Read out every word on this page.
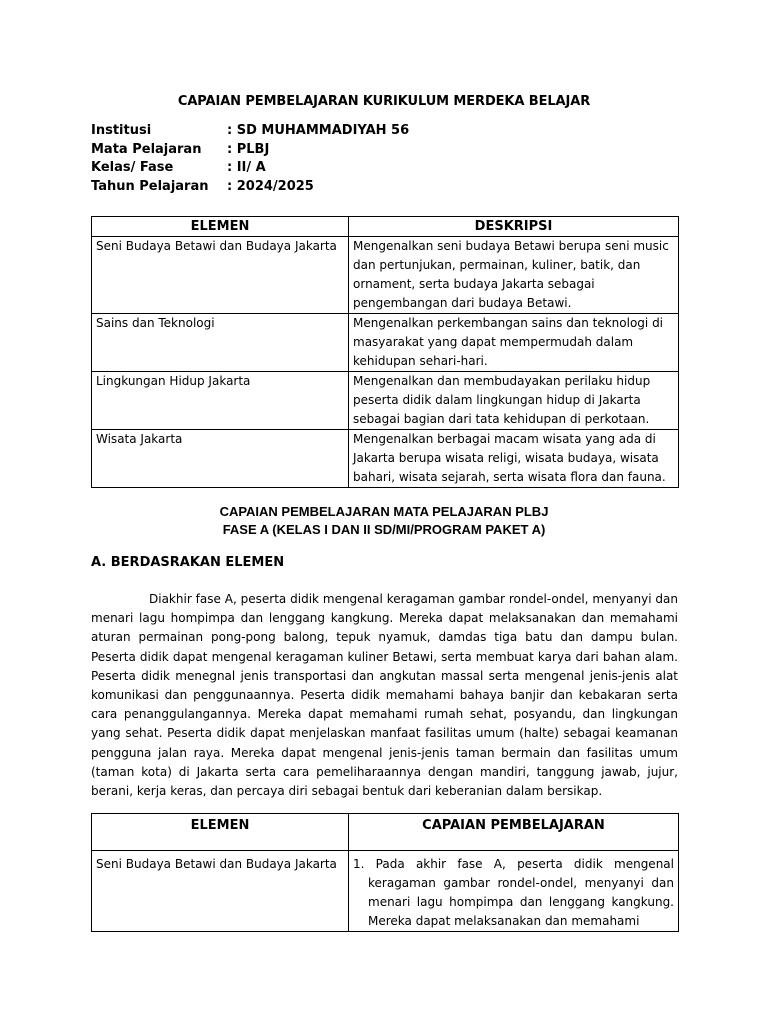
CAPAIAN PEMBELAJARAN KURIKULUM MERDEKA BELAJAR
Institusi	: SD MUHAMMADIYAH 56
Mata Pelajaran	: PLBJ
Kelas/ Fase	: II/ A
Tahun Pelajaran	: 2024/2025
ELEMEN	DESKRIPSI
Seni Budaya Betawi dan Budaya Jakarta	Mengenalkan seni budaya Betawi berupa seni music dan pertunjukan, permainan, kuliner, batik, dan ornament, serta budaya Jakarta sebagai pengembangan dari budaya Betawi.
Sains dan Teknologi	Mengenalkan perkembangan sains dan teknologi di masyarakat yang dapat mempermudah dalam kehidupan sehari-hari.
Lingkungan Hidup Jakarta	Mengenalkan dan membudayakan perilaku hidup peserta didik dalam lingkungan hidup di Jakarta sebagai bagian dari tata kehidupan di perkotaan.
Wisata Jakarta	Mengenalkan berbagai macam wisata yang ada di Jakarta berupa wisata religi, wisata budaya, wisata bahari, wisata sejarah, serta wisata flora dan fauna.
CAPAIAN PEMBELAJARAN MATA PELAJARAN PLBJ
FASE A (KELAS I DAN II SD/MI/PROGRAM PAKET A)
A. BERDASRAKAN ELEMEN
Diakhir fase A, peserta didik mengenal keragaman gambar rondel-ondel, menyanyi dan menari lagu hompimpa dan lenggang kangkung. Mereka dapat melaksanakan dan memahami aturan permainan pong-pong balong, tepuk nyamuk, damdas tiga batu dan dampu bulan. Peserta didik dapat mengenal keragaman kuliner Betawi, serta membuat karya dari bahan alam. Peserta didik menegnal jenis transportasi dan angkutan massal serta mengenal jenis-jenis alat komunikasi dan penggunaannya. Peserta didik memahami bahaya banjir dan kebakaran serta cara penanggulangannya. Mereka dapat memahami rumah sehat, posyandu, dan lingkungan yang sehat. Peserta didik dapat menjelaskan manfaat fasilitas umum (halte) sebagai keamanan pengguna jalan raya. Mereka dapat mengenal jenis-jenis taman bermain dan fasilitas umum (taman kota) di Jakarta serta cara pemeliharaannya dengan mandiri, tanggung jawab, jujur, berani, kerja keras, dan percaya diri sebagai bentuk dari keberanian dalam bersikap.
ELEMEN	CAPAIAN PEMBELAJARAN
Seni Budaya Betawi dan Budaya Jakarta	1. Pada akhir fase A, peserta didik mengenal keragaman gambar rondel-ondel, menyanyi dan menari lagu hompimpa dan lenggang kangkung. Mereka dapat melaksanakan dan memahami
